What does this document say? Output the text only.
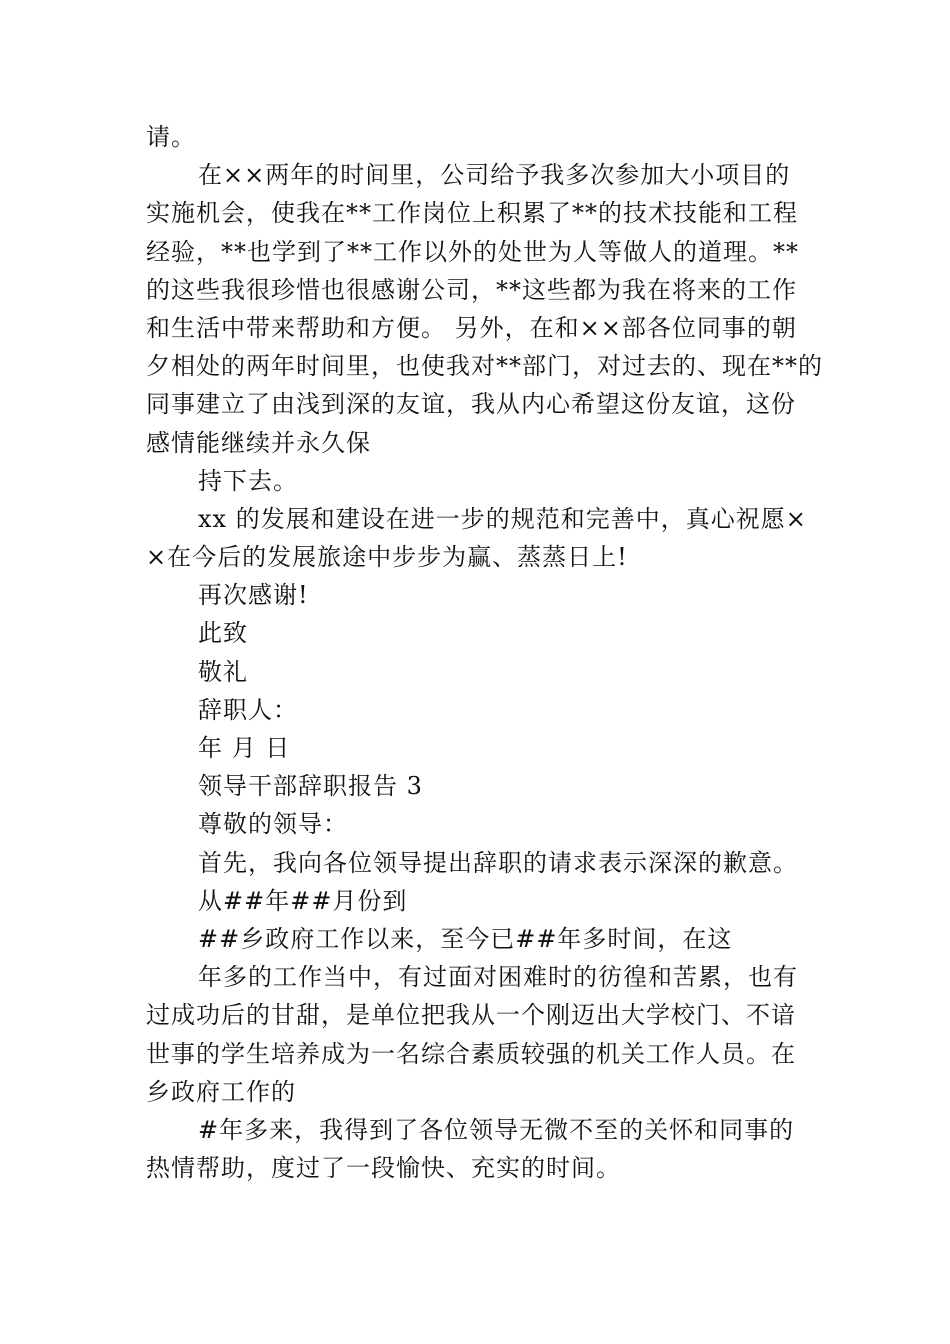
请。
在××两年的时间里，公司给予我多次参加大小项目的
实施机会，使我在**工作岗位上积累了**的技术技能和工程
经验，**也学到了**工作以外的处世为人等做人的道理。**
的这些我很珍惜也很感谢公司，**这些都为我在将来的工作
和生活中带来帮助和方便。 另外，在和××部各位同事的朝
夕相处的两年时间里，也使我对**部门，对过去的、现在**的
同事建立了由浅到深的友谊，我从内心希望这份友谊，这份
感情能继续并永久保
持下去。
xx 的发展和建设在进一步的规范和完善中，真心祝愿×
×在今后的发展旅途中步步为赢、蒸蒸日上!
再次感谢!
此致
敬礼
辞职人：
年 月 日
领导干部辞职报告 3
尊敬的领导：
首先，我向各位领导提出辞职的请求表示深深的歉意。
从##年##月份到
##乡政府工作以来，至今已##年多时间，在这
年多的工作当中，有过面对困难时的彷徨和苦累，也有
过成功后的甘甜，是单位把我从一个刚迈出大学校门、不谙
世事的学生培养成为一名综合素质较强的机关工作人员。在
乡政府工作的
#年多来，我得到了各位领导无微不至的关怀和同事的
热情帮助，度过了一段愉快、充实的时间。
